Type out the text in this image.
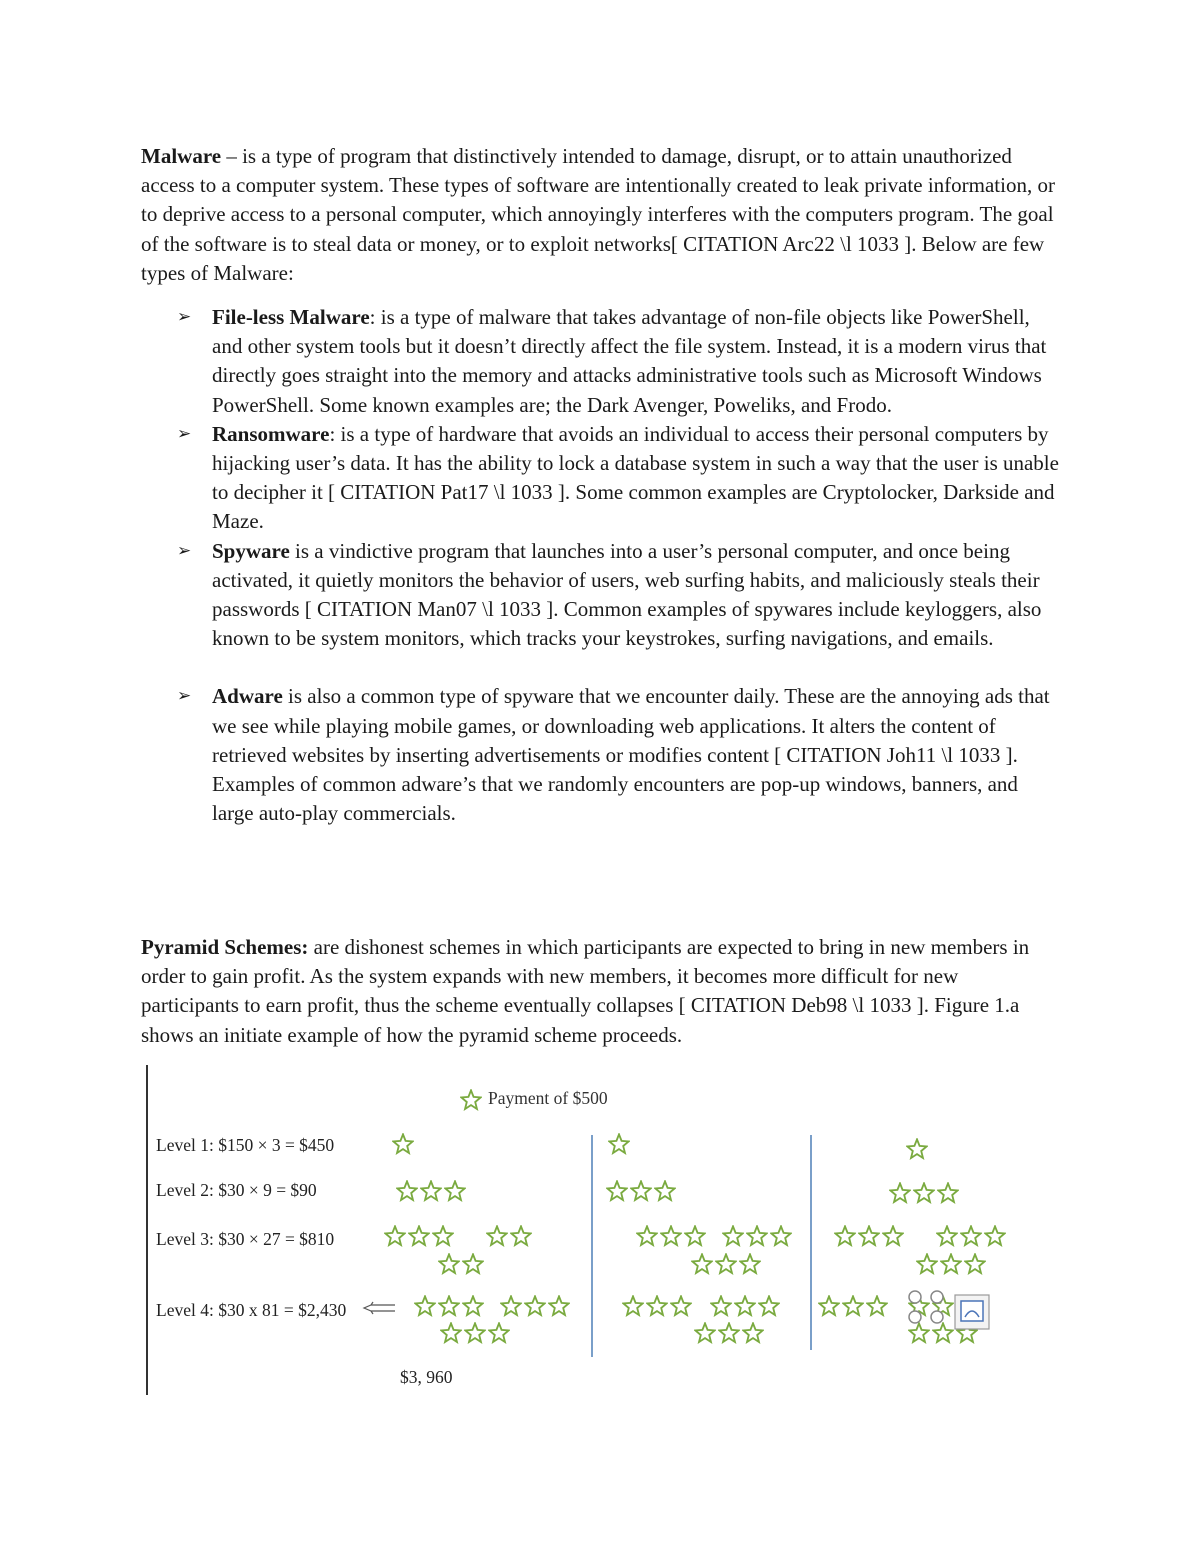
Malware – is a type of program that distinctively intended to damage, disrupt, or to attain unauthorized access to a computer system. These types of software are intentionally created to leak private information, or to deprive access to a personal computer, which annoyingly interferes with the computers program. The goal of the software is to steal data or money, or to exploit networks[ CITATION Arc22 \l 1033 ]. Below are few types of Malware:

➢ File-less Malware: is a type of malware that takes advantage of non-file objects like PowerShell, and other system tools but it doesn’t directly affect the file system. Instead, it is a modern virus that directly goes straight into the memory and attacks administrative tools such as Microsoft Windows PowerShell. Some known examples are; the Dark Avenger, Poweliks, and Frodo.
➢ Ransomware: is a type of hardware that avoids an individual to access their personal computers by hijacking user’s data. It has the ability to lock a database system in such a way that the user is unable to decipher it [ CITATION Pat17 \l 1033 ]. Some common examples are Cryptolocker, Darkside and Maze.
➢ Spyware is a vindictive program that launches into a user’s personal computer, and once being activated, it quietly monitors the behavior of users, web surfing habits, and maliciously steals their passwords [ CITATION Man07 \l 1033 ]. Common examples of spywares include keyloggers, also known to be system monitors, which tracks your keystrokes, surfing navigations, and emails.
➢ Adware is also a common type of spyware that we encounter daily. These are the annoying ads that we see while playing mobile games, or downloading web applications. It alters the content of retrieved websites by inserting advertisements or modifies content [ CITATION Joh11 \l 1033 ]. Examples of common adware’s that we randomly encounters are pop-up windows, banners, and large auto-play commercials.

Pyramid Schemes: are dishonest schemes in which participants are expected to bring in new members in order to gain profit. As the system expands with new members, it becomes more difficult for new participants to earn profit, thus the scheme eventually collapses [ CITATION Deb98 \l 1033 ]. Figure 1.a shows an initiate example of how the pyramid scheme proceeds.

Payment of $500
Level 1: $150 × 3 = $450
Level 2: $30 × 9 = $90
Level 3: $30 × 27 = $810
Level 4: $30 x 81 = $2,430
$3, 960
